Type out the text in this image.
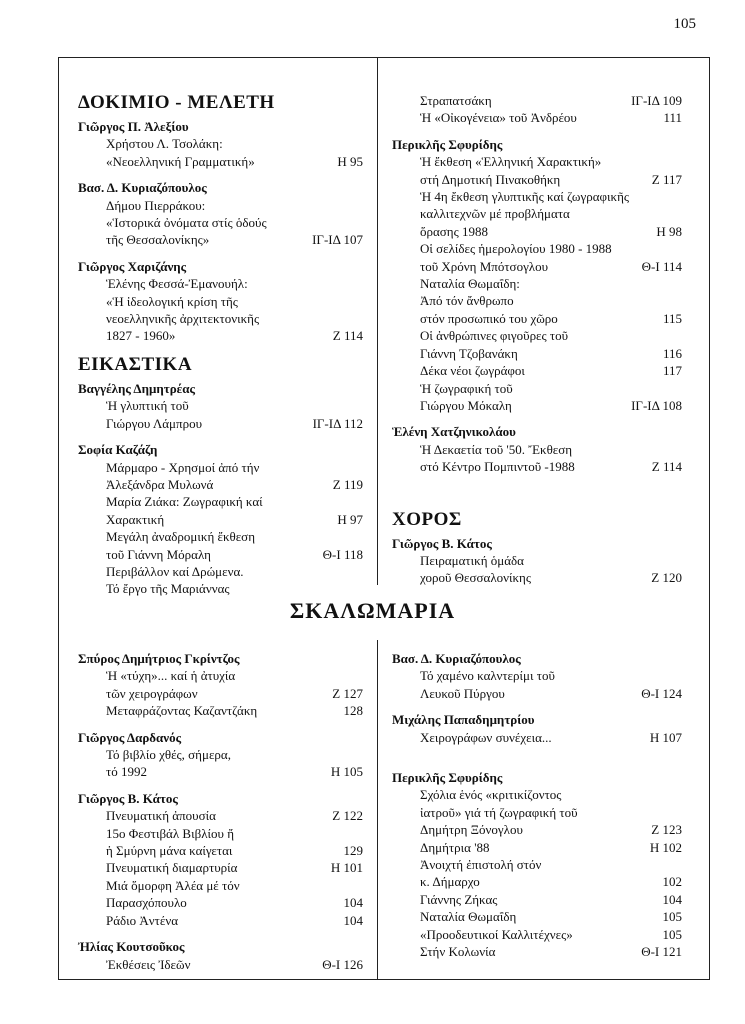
105
ΔΟΚΙΜΙΟ - ΜΕΛΕΤΗ
Γιῶργος Π. Ἀλεξίου
Χρήστου Λ. Τσολάκη:
«Νεοελληνική Γραμματική»	Η 95
Βασ. Δ. Κυριαζόπουλος
Δήμου Πιερράκου:
«Ἱστορικά ὀνόματα στίς ὁδούς
τῆς Θεσσαλονίκης»	ΙΓ-ΙΔ 107
Γιῶργος Χαριζάνης
Ἑλένης Φεσσά-Ἐμανουήλ:
«Ἡ ἰδεολογική κρίση τῆς
νεοελληνικῆς ἀρχιτεκτονικῆς
1827 - 1960»	Ζ 114
ΕΙΚΑΣΤΙΚΑ
Βαγγέλης Δημητρέας
Ἡ γλυπτική τοῦ
Γιώργου Λάμπρου	ΙΓ-ΙΔ 112
Σοφία Καζάζη
Μάρμαρο - Χρησμοί ἀπό τήν
Ἀλεξάνδρα Μυλωνά	Ζ 119
Μαρία Ζιάκα: Ζωγραφική καί
Χαρακτική	Η 97
Μεγάλη ἀναδρομική ἔκθεση
τοῦ Γιάννη Μόραλη	Θ-Ι 118
Περιβάλλον καί Δρώμενα.
Τό ἔργο τῆς Μαριάννας
Στραπατσάκη	ΙΓ-ΙΔ 109
Ἡ «Οἰκογένεια» τοῦ Ἀνδρέου	111
Περικλῆς Σφυρίδης
Ἡ ἔκθεση «Ἑλληνική Χαρακτική»
στή Δημοτική Πινακοθήκη	Ζ 117
Ἡ 4η ἔκθεση γλυπτικῆς καί ζωγραφικῆς
καλλιτεχνῶν μέ προβλήματα
ὅρασης 1988	Η 98
Οἱ σελίδες ἡμερολογίου 1980 - 1988
τοῦ Χρόνη Μπότσογλου	Θ-Ι 114
Ναταλία Θωμαΐδη:
Ἀπό τόν ἄνθρωπο
στόν προσωπικό του χῶρο	115
Οἱ ἀνθρώπινες φιγοῦρες τοῦ
Γιάννη Τζοβανάκη	116
Δέκα νέοι ζωγράφοι	117
Ἡ ζωγραφική τοῦ
Γιώργου Μόκαλη	ΙΓ-ΙΔ 108
Ἑλένη Χατζηνικολάου
Ἡ Δεκαετία τοῦ '50. Ἔκθεση
στό Κέντρο Πομπιντοῦ -1988	Ζ 114
ΧΟΡΟΣ
Γιῶργος Β. Κάτος
Πειραματική ὁμάδα
χοροῦ Θεσσαλονίκης	Ζ 120
ΣΚΑΛΩΜΑΡΙΑ
Σπύρος Δημήτριος Γκρίντζος
Ἡ «τύχη»... καί ἡ ἀτυχία
τῶν χειρογράφων	Ζ 127
Μεταφράζοντας Καζαντζάκη	128
Γιῶργος Δαρδανός
Τό βιβλίο χθές, σήμερα,
τό 1992	Η 105
Γιῶργος Β. Κάτος
Πνευματική ἀπουσία	Ζ 122
15ο Φεστιβάλ Βιβλίου ἤ
ἡ Σμύρνη μάνα καίγεται	129
Πνευματική διαμαρτυρία	Η 101
Μιά ὅμορφη Ἀλέα μέ τόν
Παρασχόπουλο	104
Ράδιο Ἀντένα	104
Ἠλίας Κουτσοῦκος
Ἐκθέσεις Ἰδεῶν	Θ-Ι 126
Βασ. Δ. Κυριαζόπουλος
Τό χαμένο καλντερίμι τοῦ
Λευκοῦ Πύργου	Θ-Ι 124
Μιχάλης Παπαδημητρίου
Χειρογράφων συνέχεια...	Η 107
Περικλῆς Σφυρίδης
Σχόλια ἑνός «κριτικίζοντος
ἰατροῦ» γιά τή ζωγραφική τοῦ
Δημήτρη Ξόνογλου	Ζ 123
Δημήτρια '88	Η 102
Ἀνοιχτή ἐπιστολή στόν
κ. Δήμαρχο	102
Γιάννης Ζήκας	104
Ναταλία Θωμαΐδη	105
«Προοδευτικοί Καλλιτέχνες»	105
Στήν Κολωνία	Θ-Ι 121
